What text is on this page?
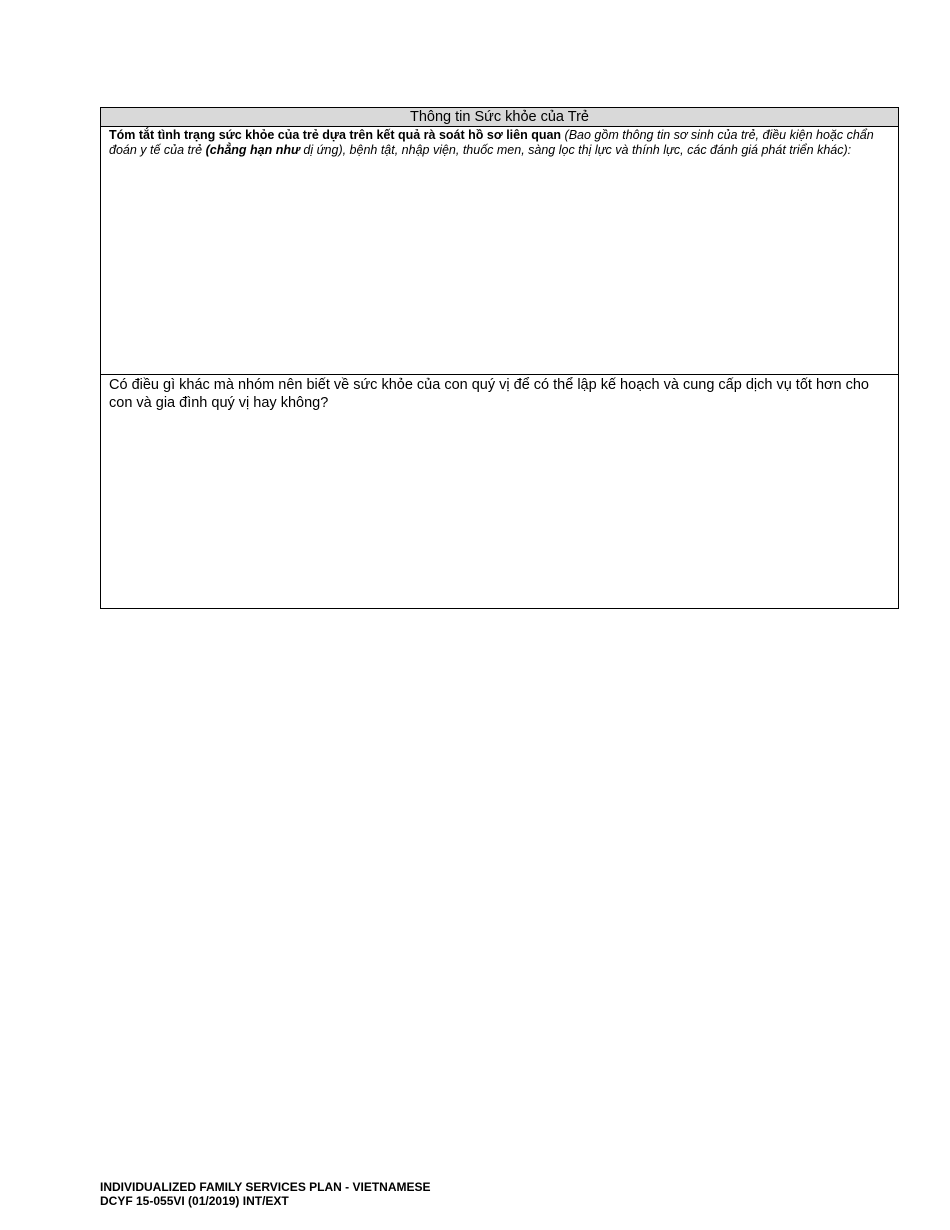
Thông tin Sức khỏe của Trẻ
Tóm tắt tình trạng sức khỏe của trẻ dựa trên kết quả rà soát hồ sơ liên quan (Bao gồm thông tin sơ sinh của trẻ, điều kiện hoặc chẩn đoán y tế của trẻ (chẳng hạn như dị ứng), bệnh tật, nhập viện, thuốc men, sàng lọc thị lực và thính lực, các đánh giá phát triển khác):
Có điều gì khác mà nhóm nên biết về sức khỏe của con quý vị để có thể lập kế hoạch và cung cấp dịch vụ tốt hơn cho con và gia đình quý vị hay không?
INDIVIDUALIZED FAMILY SERVICES PLAN - VIETNAMESE
DCYF 15-055VI (01/2019) INT/EXT
